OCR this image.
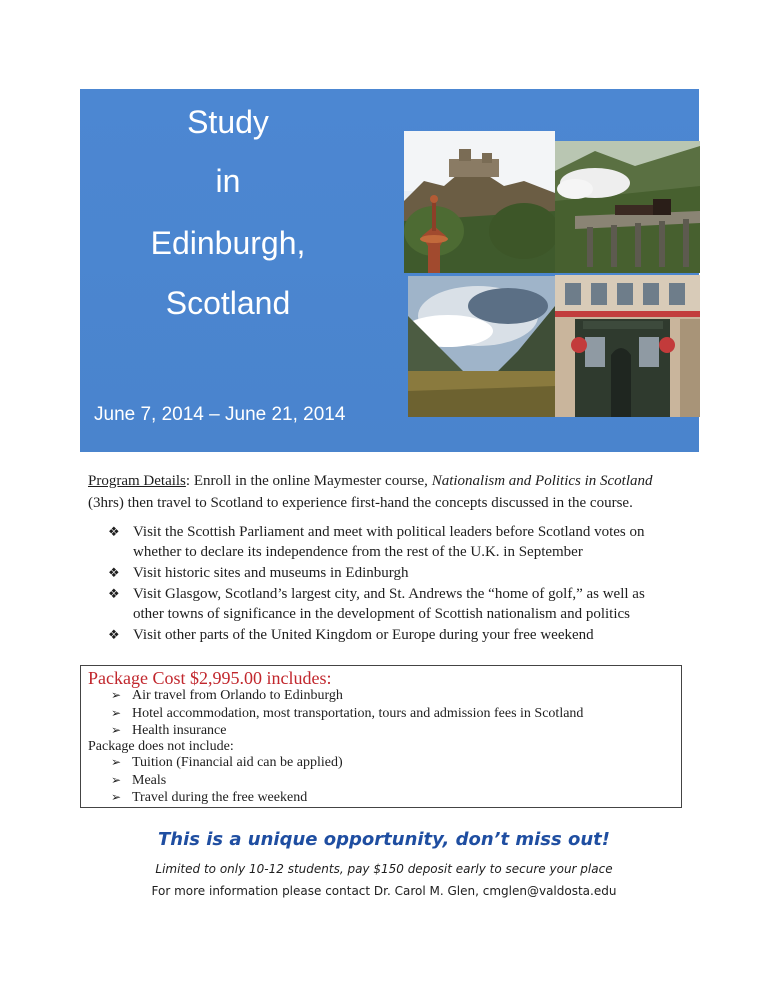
Study
in
Edinburgh,
Scotland
June 7, 2014 – June 21, 2014
Program Details: Enroll in the online Maymester course, Nationalism and Politics in Scotland (3hrs) then travel to Scotland to experience first-hand the concepts discussed in the course.
❖ Visit the Scottish Parliament and meet with political leaders before Scotland votes on whether to declare its independence from the rest of the U.K. in September
❖ Visit historic sites and museums in Edinburgh
❖ Visit Glasgow, Scotland’s largest city, and St. Andrews the “home of golf,” as well as other towns of significance in the development of Scottish nationalism and politics
❖ Visit other parts of the United Kingdom or Europe during your free weekend
Package Cost $2,995.00 includes:
➢ Air travel from Orlando to Edinburgh
➢ Hotel accommodation, most transportation, tours and admission fees in Scotland
➢ Health insurance
Package does not include:
➢ Tuition (Financial aid can be applied)
➢ Meals
➢ Travel during the free weekend
This is a unique opportunity, don’t miss out!
Limited to only 10-12 students, pay $150 deposit early to secure your place
For more information please contact Dr. Carol M. Glen, cmglen@valdosta.edu
